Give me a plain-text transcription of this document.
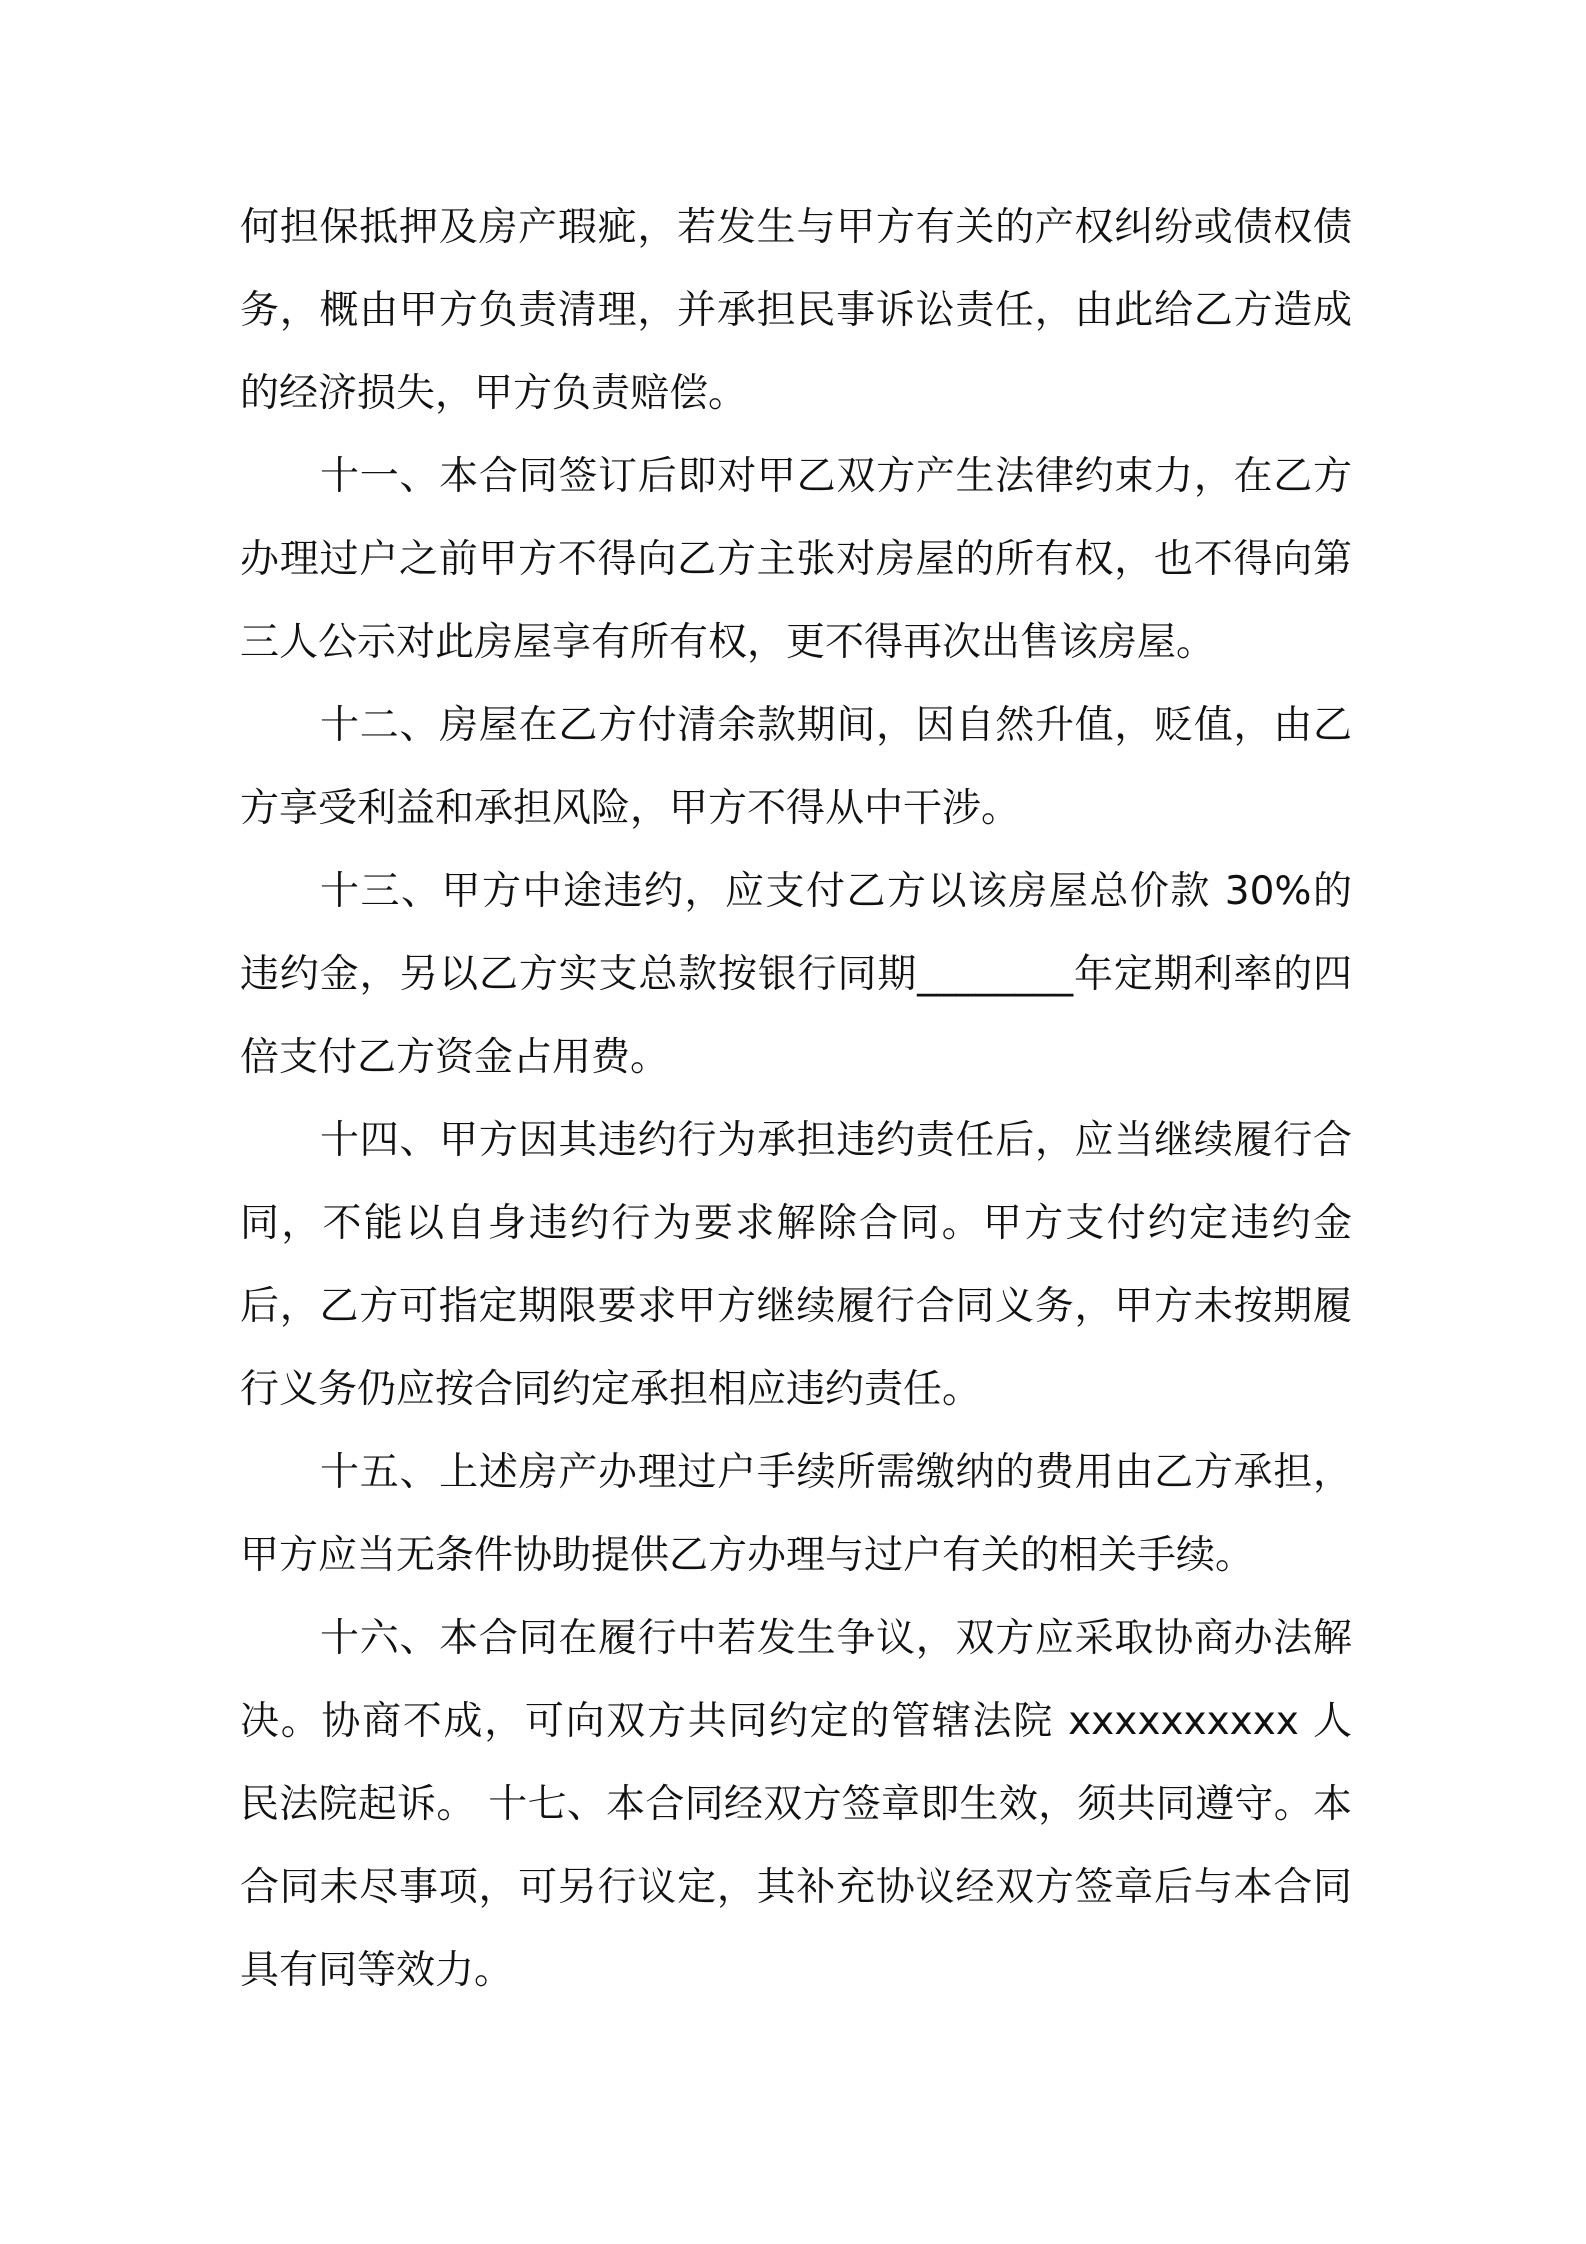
何担保抵押及房产瑕疵，若发生与甲方有关的产权纠纷或债权债务，概由甲方负责清理，并承担民事诉讼责任，由此给乙方造成的经济损失，甲方负责赔偿。

十一、本合同签订后即对甲乙双方产生法律约束力，在乙方办理过户之前甲方不得向乙方主张对房屋的所有权，也不得向第三人公示对此房屋享有所有权，更不得再次出售该房屋。

十二、房屋在乙方付清余款期间，因自然升值，贬值，由乙方享受利益和承担风险，甲方不得从中干涉。

十三、甲方中途违约，应支付乙方以该房屋总价款 30%的违约金，另以乙方实支总款按银行同期________年定期利率的四倍支付乙方资金占用费。

十四、甲方因其违约行为承担违约责任后，应当继续履行合同，不能以自身违约行为要求解除合同。甲方支付约定违约金后，乙方可指定期限要求甲方继续履行合同义务，甲方未按期履行义务仍应按合同约定承担相应违约责任。

十五、上述房产办理过户手续所需缴纳的费用由乙方承担，甲方应当无条件协助提供乙方办理与过户有关的相关手续。

十六、本合同在履行中若发生争议，双方应采取协商办法解决。协商不成，可向双方共同约定的管辖法院 xxxxxxxxxx 人民法院起诉。 十七、本合同经双方签章即生效，须共同遵守。本合同未尽事项，可另行议定，其补充协议经双方签章后与本合同具有同等效力。
